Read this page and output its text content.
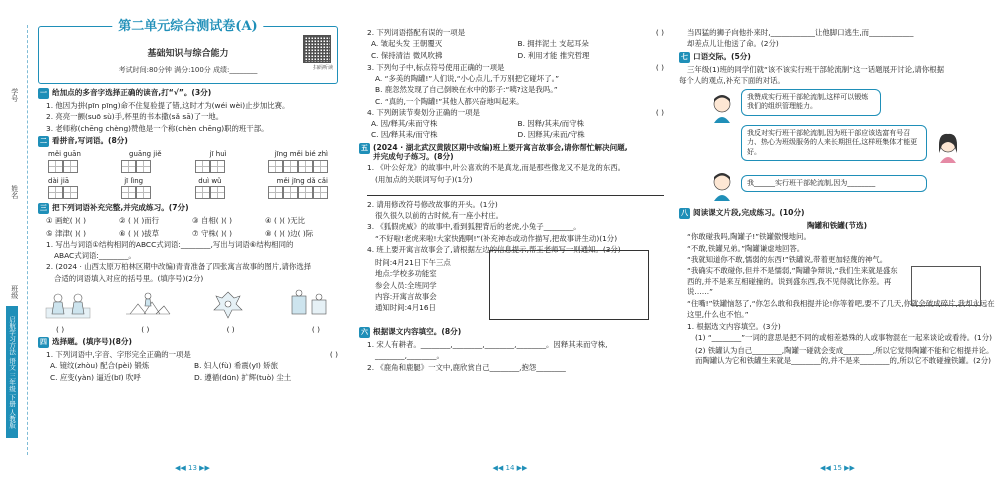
学号
姓名
班级
启航学习方法 语文 三年级 下册 人教版
第二单元综合测试卷(A)
基础知识与综合能力
考试时间:80分钟 满分:100分 成绩:________	扫码听读
一 给加点的多音字选择正确的读音,打“√”。(3分)
1. 他因为拼(pīn pīng)命不住复验提了错,这时才为(wéi wèi)止步加比赛。
2. 亮亮一颤(suō sù)手,杯里的书本撒(sǎ sā)了一地。
3. 老师称(chēng chèng)赞他是一个称(chèn chēng)职的班干部。
二 看拼音,写词语。(8分)
měi guān	guāng jiě	jī huì	jīng měi bié zhì
dài jiā	jī lìng	duì wǔ	měi jīng dǎ cǎi
三 把下列词语补充完整,并完成练习。(7分)
① 画蛇( )( )	② ( )( )而行	③ 自相( )( )	④ ( )( )无比
⑤ 津津( )( )	⑥ ( )( )拔草	⑦ 守株( )( )	⑧ ( )( )边( )际
1. 写出与词语①结构相同的ABCC式词语:________,写出与词语⑥结构相同的
ABAC式词语:________。
2. (2024 · 山西太原万柏林区期中改编)青青准备了四张寓言故事的图片,请你选择
合适的词语填入对应的括号里。(填序号)(2分)
( )	( )	( )	( )
四 选择题。(填序号)(8分)
1. 下列词语中,字音、字形完全正确的一项是	( )
A. 镜纹(zhòu) 配合(pèi) 锻炼	B. 妇人(fù) 希震(yī) 矫旅
C. 应变(yàn) 逼近(bī) 吹呼	D. 遵循(dūn) 扩辉(tuò) 尘土
◀◀ 13 ▶▶
2. 下列词语搭配有误的一项是	( )
A. 皱起头发 王朝覆灭	B. 拥拌泥土 支起耳朵
C. 保持清洁 微风吹拂	D. 利用才能 推究哲理
3. 下列句子中,标点符号使用正确的一项是	( )
A. “多美的陶罐!”人们说,“小心点儿,千万别把它碰坏了。”
B. 鹿忽然发现了自己倒映在水中的影子:“咦?这是我吗。”
C. “真的,一个陶罐!”其他人都兴奋地叫起来。
4. 下列朗读节奏划分正确的一项是	( )
A. 因/释其/耒而守株	B. 因释/其耒/而守株
C. 因/释其耒/而守株	D. 因释其/耒而/守株
五 (2024 · 湖北武汉黄陂区期中改编)班上要开寓言故事会,请你帮忙解决问题,
并完成句子练习。(8分)
1. 《叶公好龙》的故事中,叶公喜欢的不是真龙,而是那些像龙又不是龙的东西。
(用加点的关联词写句子)(1分)
2. 请用修改符号修改故事的开头。(1分)
很久很久以前的古时候,有一座小村庄。
3. 《狐假虎威》的故事中,看到狐狸背后的老虎,小兔子________。
“不好啦!老虎来啦!大家快跑啊!”(补充神态或动作描写,把故事讲生动)(1分)
4. 班上要开寓言故事会了,请根据左边的信息提示,帮王老师写一则通知。(3分)
时间:4月21日下午三点
地点:学校多功能室
参会人员:全班同学
内容:开寓言故事会
通知时间:4月16日
六 根据课文内容填空。(8分)
1. 宋人有耕者。________,________,________,________。因释其耒而守株,
________,________。
2. 《鹿角和鹿腿》一文中,鹿欣赏自己________,抱怨________
◀◀ 14 ▶▶
当四猛的狮子向他扑来时,____________让他脚口逃生,而____________
却差点儿让他送了命。(2分)
七 口语交际。(5分)
三年级(1)班的同学们就“该不该实行班干部轮流制”这一话题展开讨论,请你根据
每个人的观点,补充下面的对话。
我赞成实行班干部轮流制,这样可以锻炼我们的组织管理能力。
我反对实行班干部轮流制,因为班干部应该选富有号召力、热心为班级服务的人来长期担任,这样班集体才能更好。
我______实行班干部轮流制,因为________
八 阅读课文片段,完成练习。(10分)
陶罐和铁罐(节选)
“你敢碰我吗,陶罐子!”铁罐傲慢地问。
“不敢,铁罐兄弟。”陶罐谦虚地回答。
“我就知道你不敢,懦弱的东西!”铁罐说,带着更加轻蔑的神气。
“我确实不敢碰你,但并不是懦弱,”陶罐争辩说,“我们生来就是盛东西的,并不是来互相碰撞的。说到盛东西,我不见得就比你差。再说……”
“住嘴!”铁罐恼怒了,“你怎么敢和我相提并论!你等着吧,要不了几天,你就会破成碎片,我却永远在这里,什么也不怕。”
1. 根据选文内容填空。(3分)
(1) “________”一词的意思是把不同的或相差悬殊的人或事物混在一起来谈论或看待。(1分)
(2) 铁罐认为自己________,陶罐一碰就会变成________,所以它觉得陶罐不能和它相提并论。而陶罐认为它和铁罐生来就是________的,并不是来________的,所以它不敢碰撞铁罐。(2分)
◀◀ 15 ▶▶
